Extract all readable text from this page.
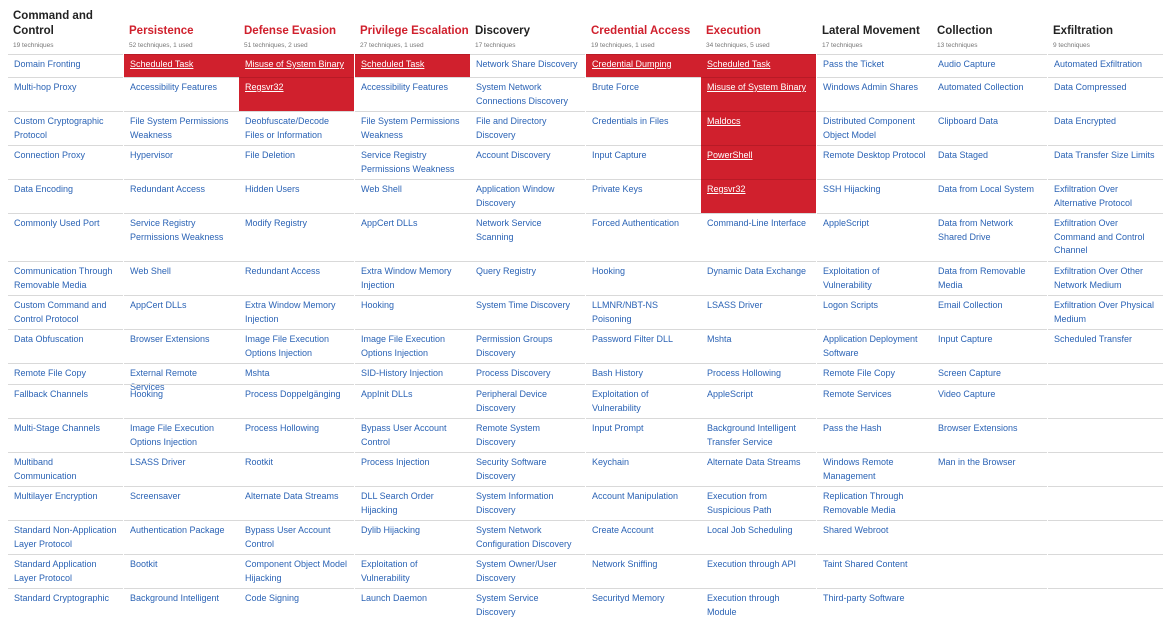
Command and Control
19 techniques
Domain Fronting
Multi-hop Proxy
Custom Cryptographic Protocol
Connection Proxy
Data Encoding
Commonly Used Port
Communication Through Removable Media
Custom Command and Control Protocol
Data Obfuscation
Remote File Copy
Fallback Channels
Multi-Stage Channels
Multiband Communication
Multilayer Encryption
Standard Non-Application Layer Protocol
Standard Application Layer Protocol
Standard Cryptographic
Persistence
52 techniques, 1 used
Scheduled Task
Accessibility Features
File System Permissions Weakness
Hypervisor
Redundant Access
Service Registry Permissions Weakness
Web Shell
AppCert DLLs
Browser Extensions
External Remote Services
Hooking
Image File Execution Options Injection
LSASS Driver
Screensaver
Authentication Package
Bootkit
Background Intelligent
Defense Evasion
51 techniques, 2 used
Misuse of System Binary
Regsvr32
Deobfuscate/Decode Files or Information
File Deletion
Hidden Users
Modify Registry
Redundant Access
Extra Window Memory Injection
Image File Execution Options Injection
Mshta
Process Doppelgänging
Process Hollowing
Rootkit
Alternate Data Streams
Bypass User Account Control
Component Object Model Hijacking
Code Signing
Privilege Escalation
27 techniques, 1 used
Scheduled Task
Accessibility Features
File System Permissions Weakness
Service Registry Permissions Weakness
Web Shell
AppCert DLLs
Extra Window Memory Injection
Hooking
Image File Execution Options Injection
SID-History Injection
AppInit DLLs
Bypass User Account Control
Process Injection
DLL Search Order Hijacking
Dylib Hijacking
Exploitation of Vulnerability
Launch Daemon
Discovery
17 techniques
Network Share Discovery
System Network Connections Discovery
File and Directory Discovery
Account Discovery
Application Window Discovery
Network Service Scanning
Query Registry
System Time Discovery
Permission Groups Discovery
Process Discovery
Peripheral Device Discovery
Remote System Discovery
Security Software Discovery
System Information Discovery
System Network Configuration Discovery
System Owner/User Discovery
System Service Discovery
Credential Access
19 techniques, 1 used
Credential Dumping
Brute Force
Credentials in Files
Input Capture
Private Keys
Forced Authentication
Hooking
LLMNR/NBT-NS Poisoning
Password Filter DLL
Bash History
Exploitation of Vulnerability
Input Prompt
Keychain
Account Manipulation
Create Account
Network Sniffing
Securityd Memory
Execution
34 techniques, 5 used
Scheduled Task
Misuse of System Binary
Maldocs
PowerShell
Regsvr32
Command-Line Interface
Dynamic Data Exchange
LSASS Driver
Mshta
Process Hollowing
AppleScript
Background Intelligent Transfer Service
Alternate Data Streams
Execution from Suspicious Path
Local Job Scheduling
Execution through API
Execution through Module
Lateral Movement
17 techniques
Pass the Ticket
Windows Admin Shares
Distributed Component Object Model
Remote Desktop Protocol
SSH Hijacking
AppleScript
Exploitation of Vulnerability
Logon Scripts
Application Deployment Software
Remote File Copy
Remote Services
Pass the Hash
Windows Remote Management
Replication Through Removable Media
Shared Webroot
Taint Shared Content
Third-party Software
Collection
13 techniques
Audio Capture
Automated Collection
Clipboard Data
Data Staged
Data from Local System
Data from Network Shared Drive
Data from Removable Media
Email Collection
Input Capture
Screen Capture
Video Capture
Browser Extensions
Man in the Browser
Exfiltration
9 techniques
Automated Exfiltration
Data Compressed
Data Encrypted
Data Transfer Size Limits
Exfiltration Over Alternative Protocol
Exfiltration Over Command and Control Channel
Exfiltration Over Other Network Medium
Exfiltration Over Physical Medium
Scheduled Transfer
